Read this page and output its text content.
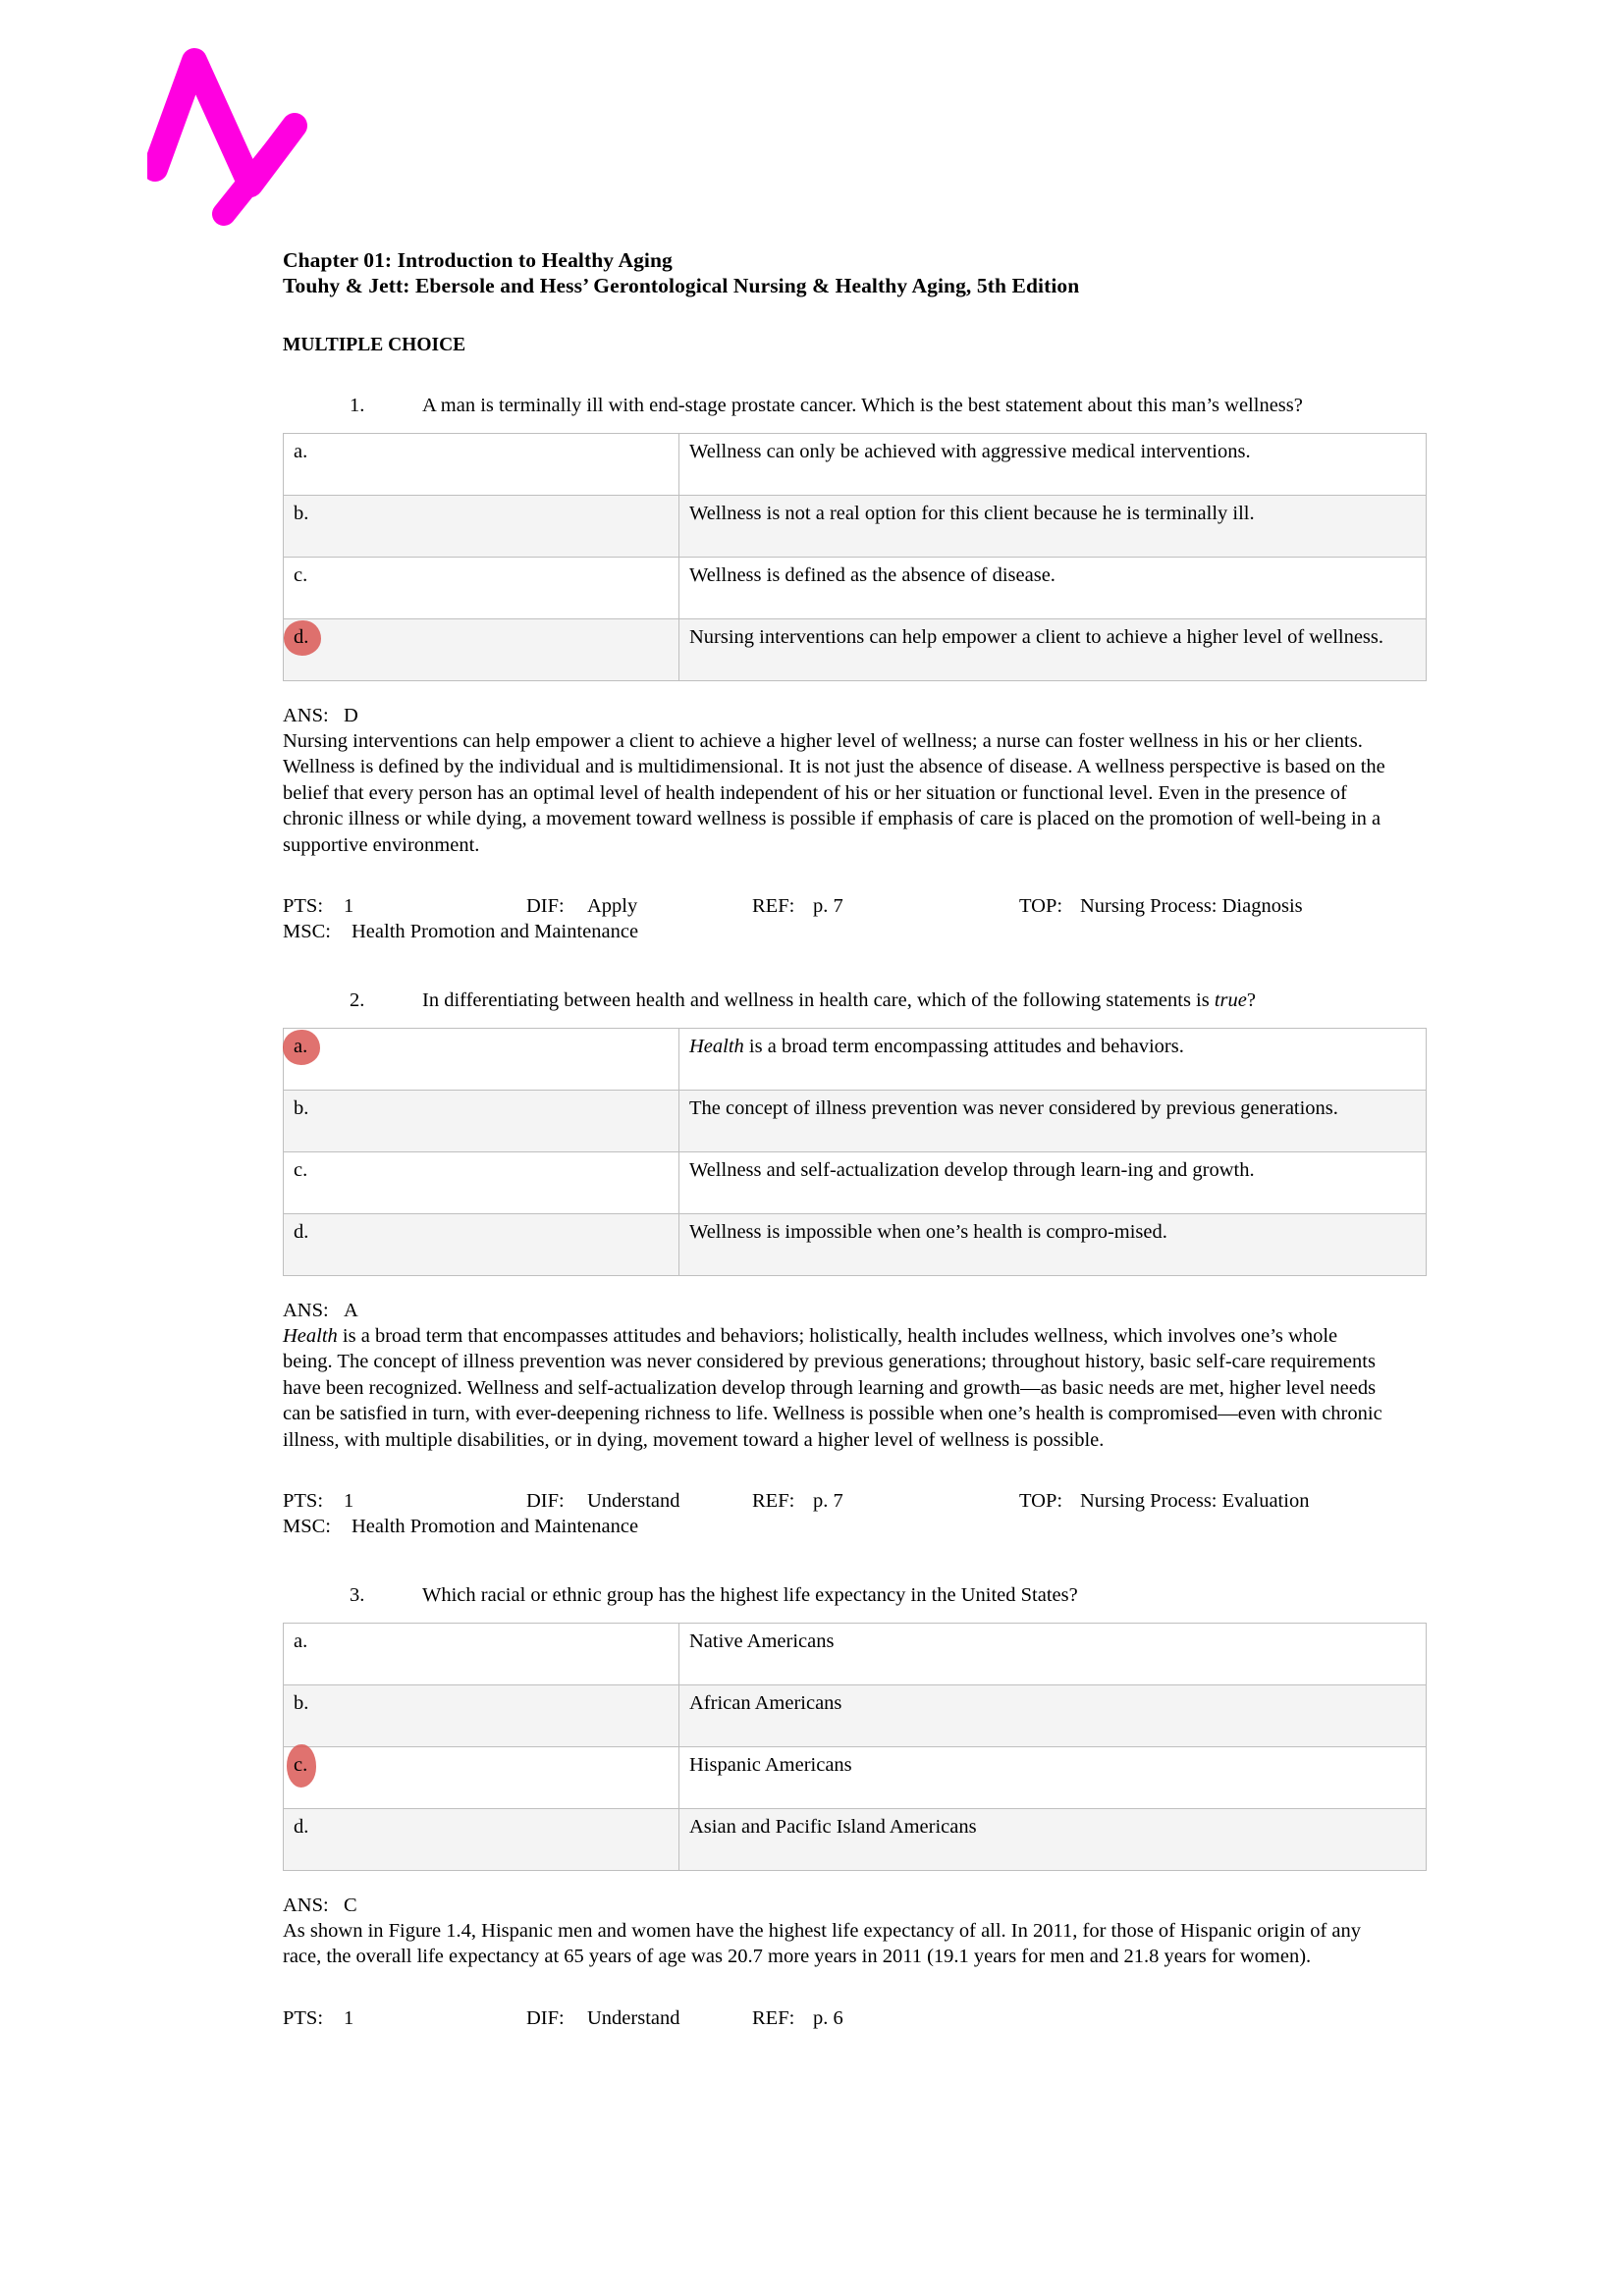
Chapter 01: Introduction to Healthy Aging
Touhy & Jett: Ebersole and Hess’ Gerontological Nursing & Healthy Aging, 5th Edition
MULTIPLE CHOICE
1.	A man is terminally ill with end-stage prostate cancer. Which is the best statement about this man’s wellness?
a.	Wellness can only be achieved with aggressive medical interventions.
b.	Wellness is not a real option for this client because he is terminally ill.
c.	Wellness is defined as the absence of disease.
d.	Nursing interventions can help empower a client to achieve a higher level of wellness.
ANS: D
Nursing interventions can help empower a client to achieve a higher level of wellness; a nurse can foster wellness in his or her clients. Wellness is defined by the individual and is multidimensional. It is not just the absence of disease. A wellness perspective is based on the belief that every person has an optimal level of health independent of his or her situation or functional level. Even in the presence of chronic illness or while dying, a movement toward wellness is possible if emphasis of care is placed on the promotion of well-being in a supportive environment.
PTS: 1	DIF: Apply	REF: p. 7	TOP: Nursing Process: Diagnosis
MSC: Health Promotion and Maintenance
2.	In differentiating between health and wellness in health care, which of the following statements is true?
a.	Health is a broad term encompassing attitudes and behaviors.
b.	The concept of illness prevention was never considered by previous generations.
c.	Wellness and self-actualization develop through learn-ing and growth.
d.	Wellness is impossible when one’s health is compro-mised.
ANS: A
Health is a broad term that encompasses attitudes and behaviors; holistically, health includes wellness, which involves one’s whole being. The concept of illness prevention was never considered by previous generations; throughout history, basic self-care requirements have been recognized. Wellness and self-actualization develop through learning and growth—as basic needs are met, higher level needs can be satisfied in turn, with ever-deepening richness to life. Wellness is possible when one’s health is compromised—even with chronic illness, with multiple disabilities, or in dying, movement toward a higher level of wellness is possible.
PTS: 1	DIF: Understand	REF: p. 7	TOP: Nursing Process: Evaluation
MSC: Health Promotion and Maintenance
3.	Which racial or ethnic group has the highest life expectancy in the United States?
a.	Native Americans
b.	African Americans
c.	Hispanic Americans
d.	Asian and Pacific Island Americans
ANS: C
As shown in Figure 1.4, Hispanic men and women have the highest life expectancy of all. In 2011, for those of Hispanic origin of any race, the overall life expectancy at 65 years of age was 20.7 more years in 2011 (19.1 years for men and 21.8 years for women).
PTS: 1	DIF: Understand	REF: p. 6
